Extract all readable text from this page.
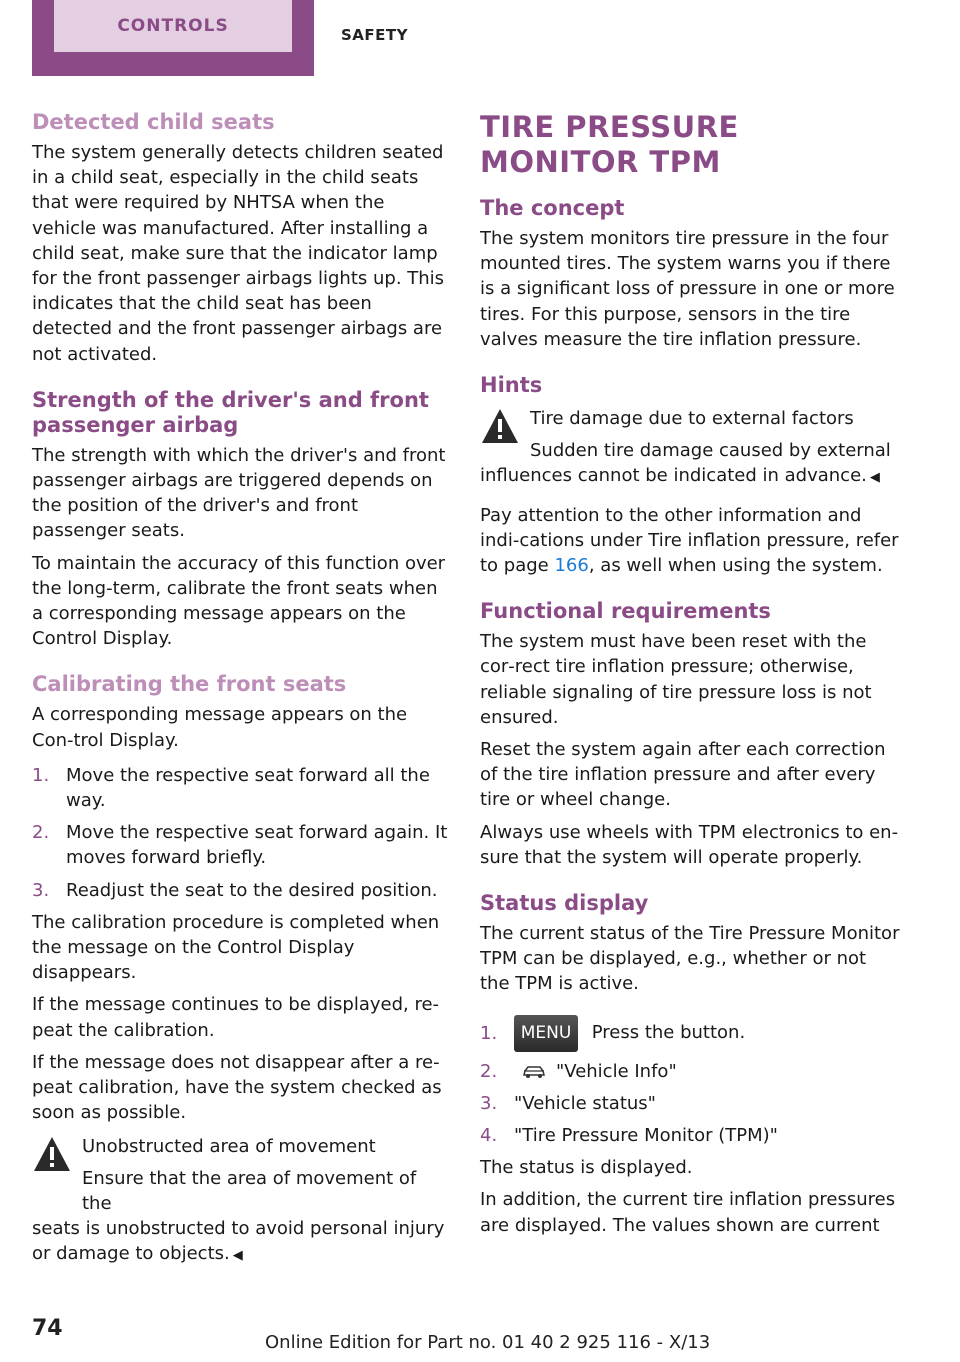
CONTROLS	SAFETY
Detected child seats

The system generally detects children seated in a child seat, especially in the child seats that were required by NHTSA when the vehicle was manufactured. After installing a child seat, make sure that the indicator lamp for the front passenger airbags lights up. This indicates that the child seat has been detected and the front passenger airbags are not activated.

Strength of the driver's and front passenger airbag

The strength with which the driver's and front passenger airbags are triggered depends on the position of the driver's and front passenger seats.

To maintain the accuracy of this function over the long-term, calibrate the front seats when a corresponding message appears on the Control Display.

Calibrating the front seats

A corresponding message appears on the Con‐trol Display.

1. Move the respective seat forward all the way.
2. Move the respective seat forward again. It moves forward briefly.
3. Readjust the seat to the desired position.

The calibration procedure is completed when the message on the Control Display disappears.

If the message continues to be displayed, re‐peat the calibration.

If the message does not disappear after a re‐peat calibration, have the system checked as soon as possible.

Unobstructed area of movement

Ensure that the area of movement of the

seats is unobstructed to avoid personal injury or damage to objects. ◀

TIRE PRESSURE MONITOR TPM
The concept

The system monitors tire pressure in the four mounted tires. The system warns you if there is a significant loss of pressure in one or more tires. For this purpose, sensors in the tire valves measure the tire inflation pressure.

Hints

Tire damage due to external factors

Sudden tire damage caused by external

influences cannot be indicated in advance. ◀

Pay attention to the other information and indi‐cations under Tire inflation pressure, refer to page 166, as well when using the system.

Functional requirements

The system must have been reset with the cor‐rect tire inflation pressure; otherwise, reliable signaling of tire pressure loss is not ensured.

Reset the system again after each correction of the tire inflation pressure and after every tire or wheel change.

Always use wheels with TPM electronics to en‐sure that the system will operate properly.

Status display

The current status of the Tire Pressure Monitor TPM can be displayed, e.g., whether or not the TPM is active.

1.	MENU Press the button.
2.	"Vehicle Info"
3. "Vehicle status"
4. "Tire Pressure Monitor (TPM)"

The status is displayed.

In addition, the current tire inflation pressures are displayed. The values shown are current

74
Online Edition for Part no. 01 40 2 925 116 - X/13
